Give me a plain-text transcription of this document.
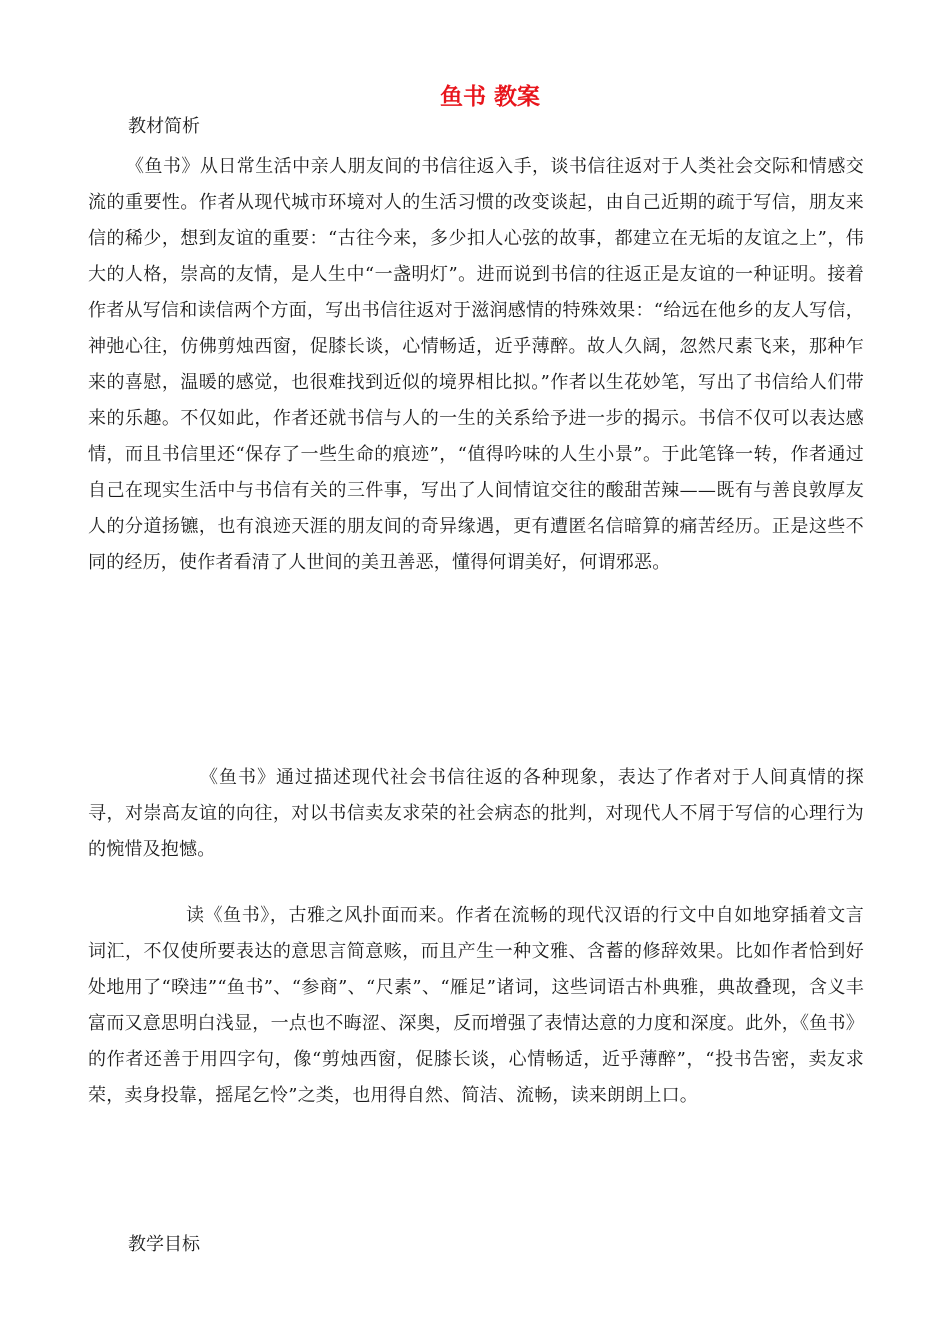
鱼书 教案

教材简析

《鱼书》从日常生活中亲人朋友间的书信往返入手，谈书信往返对于人类社会交际和情感交流的重要性。作者从现代城市环境对人的生活习惯的改变谈起，由自己近期的疏于写信，朋友来信的稀少，想到友谊的重要：“古往今来，多少扣人心弦的故事，都建立在无垢的友谊之上”，伟大的人格，崇高的友情，是人生中“一盏明灯”。进而说到书信的往返正是友谊的一种证明。接着作者从写信和读信两个方面，写出书信往返对于滋润感情的特殊效果：“给远在他乡的友人写信，神弛心往，仿佛剪烛西窗，促膝长谈，心情畅适，近乎薄醉。故人久阔，忽然尺素飞来，那种乍来的喜慰，温暖的感觉，也很难找到近似的境界相比拟。”作者以生花妙笔，写出了书信给人们带来的乐趣。不仅如此，作者还就书信与人的一生的关系给予进一步的揭示。书信不仅可以表达感情，而且书信里还“保存了一些生命的痕迹”，“值得吟味的人生小景”。于此笔锋一转，作者通过自己在现实生活中与书信有关的三件事，写出了人间情谊交往的酸甜苦辣——既有与善良敦厚友人的分道扬镳，也有浪迹天涯的朋友间的奇异缘遇，更有遭匿名信暗算的痛苦经历。正是这些不同的经历，使作者看清了人世间的美丑善恶，懂得何谓美好，何谓邪恶。

《鱼书》通过描述现代社会书信往返的各种现象，表达了作者对于人间真情的探寻，对崇高友谊的向往，对以书信卖友求荣的社会病态的批判，对现代人不屑于写信的心理行为的惋惜及抱憾。

读《鱼书》，古雅之风扑面而来。作者在流畅的现代汉语的行文中自如地穿插着文言词汇，不仅使所要表达的意思言简意赅，而且产生一种文雅、含蓄的修辞效果。比如作者恰到好处地用了“暌违”“鱼书”、“参商”、“尺素”、“雁足”诸词，这些词语古朴典雅，典故叠现，含义丰富而又意思明白浅显，一点也不晦涩、深奥，反而增强了表情达意的力度和深度。此外，《鱼书》的作者还善于用四字句，像“剪烛西窗，促膝长谈，心情畅适，近乎薄醉”，“投书告密，卖友求荣，卖身投靠，摇尾乞怜”之类，也用得自然、简洁、流畅，读来朗朗上口。

教学目标
